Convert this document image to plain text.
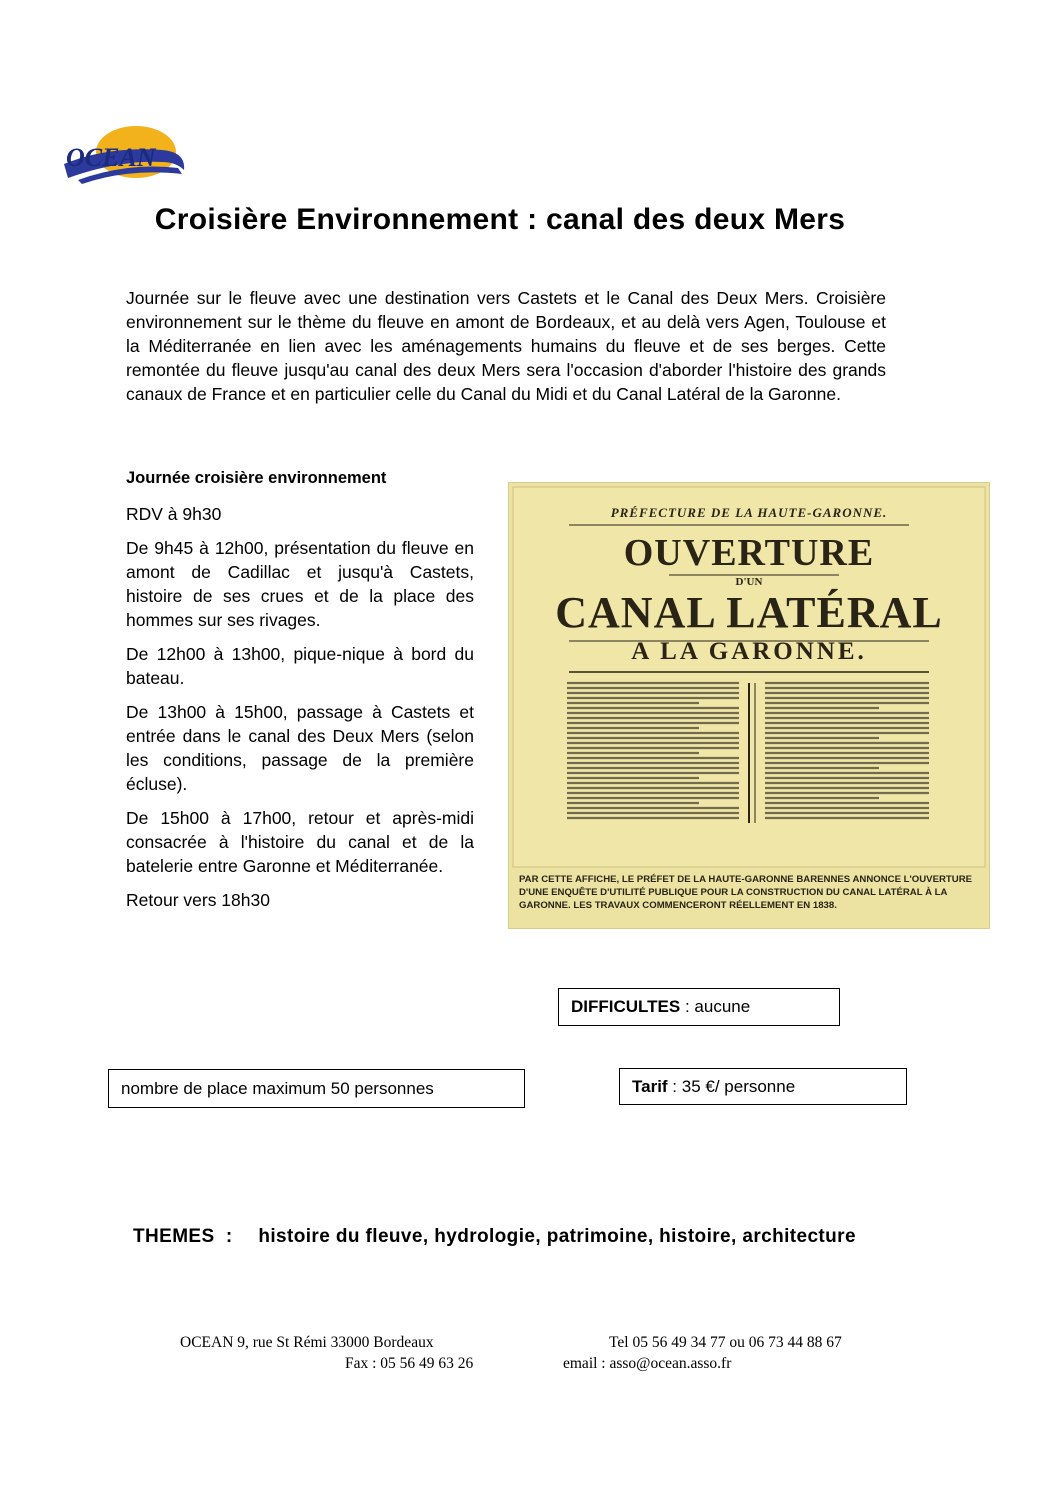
OCEAN
Croisière Environnement : canal des deux Mers
Journée sur le fleuve avec une destination vers Castets et le Canal des Deux Mers. Croisière environnement sur le thème du fleuve en amont de Bordeaux, et au delà vers Agen, Toulouse et la Méditerranée en lien avec les aménagements humains du fleuve et de ses berges. Cette remontée du fleuve jusqu'au canal des deux Mers sera l'occasion d'aborder l'histoire des grands canaux de France et en particulier celle du Canal du Midi et du Canal Latéral de la Garonne.
Journée croisière environnement

RDV à 9h30

De 9h45 à 12h00, présentation du fleuve en amont de Cadillac et jusqu'à Castets, histoire de ses crues et de la place des hommes sur ses rivages.

De 12h00 à 13h00, pique-nique à bord du bateau.

De 13h00 à 15h00, passage à Castets et entrée dans le canal des Deux Mers (selon les conditions, passage de la première écluse).

De 15h00 à 17h00, retour et après-midi consacrée à l'histoire du canal et de la batelerie entre Garonne et Méditerranée.

Retour vers 18h30

PRÉFECTURE DE LA HAUTE-GARONNE.
OUVERTURE
D'UN
CANAL LATÉRAL
A LA GARONNE.
PAR CETTE AFFICHE, LE PRÉFET DE LA HAUTE-GARONNE BARENNES ANNONCE L'OUVERTURE D'UNE ENQUÊTE D'UTILITÉ PUBLIQUE POUR LA CONSTRUCTION DU CANAL LATÉRAL À LA GARONNE. LES TRAVAUX COMMENCERONT RÉELLEMENT EN 1838.
DIFFICULTES : aucune
Tarif : 35 €/ personne
nombre de place maximum 50 personnes
THEMES  : histoire du fleuve, hydrologie, patrimoine, histoire, architecture
OCEAN 9, rue St Rémi 33000 Bordeaux	Tel 05 56 49 34 77 ou 06 73 44 88 67
Fax : 05 56 49 63 26	email : asso@ocean.asso.fr
